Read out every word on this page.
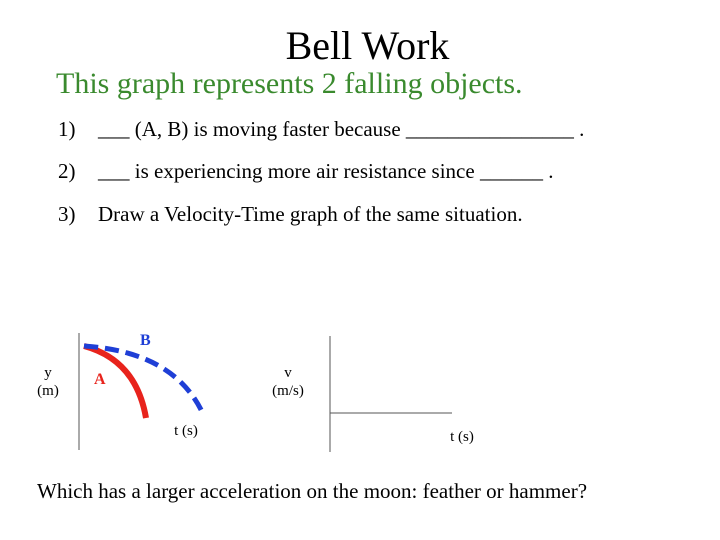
Bell Work
This graph represents 2 falling objects.
1) ___ (A, B) is moving faster because ________________ .
2) ___ is experiencing more air resistance since ______ .
3) Draw a Velocity-Time graph of the same situation.
B
A
y
(m)
t (s)
v
(m/s)
t (s)
Which has a larger acceleration on the moon: feather or hammer?
